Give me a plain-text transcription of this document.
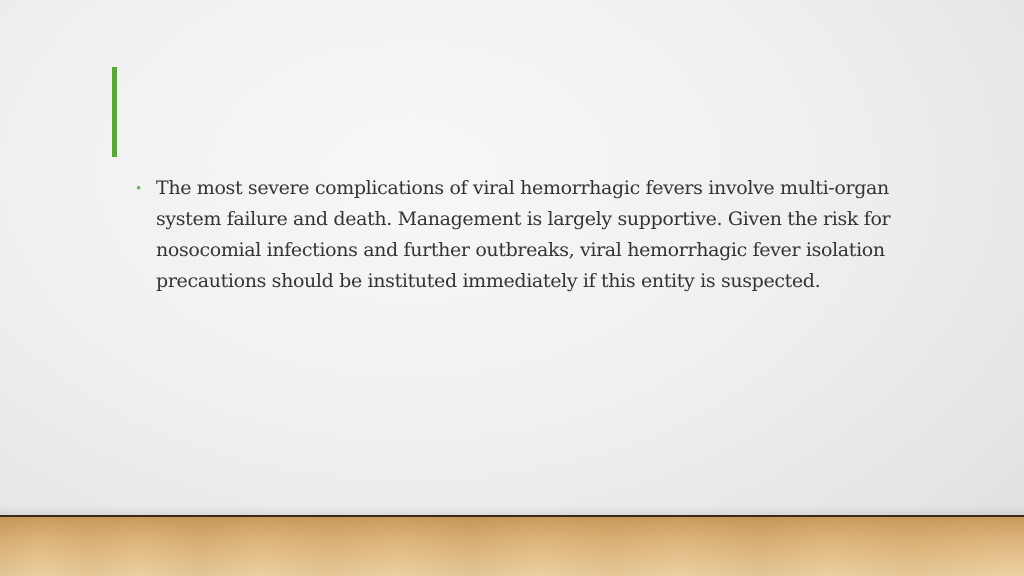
• The most severe complications of viral hemorrhagic fevers involve multi-organ system failure and death. Management is largely supportive. Given the risk for nosocomial infections and further outbreaks, viral hemorrhagic fever isolation precautions should be instituted immediately if this entity is suspected.
